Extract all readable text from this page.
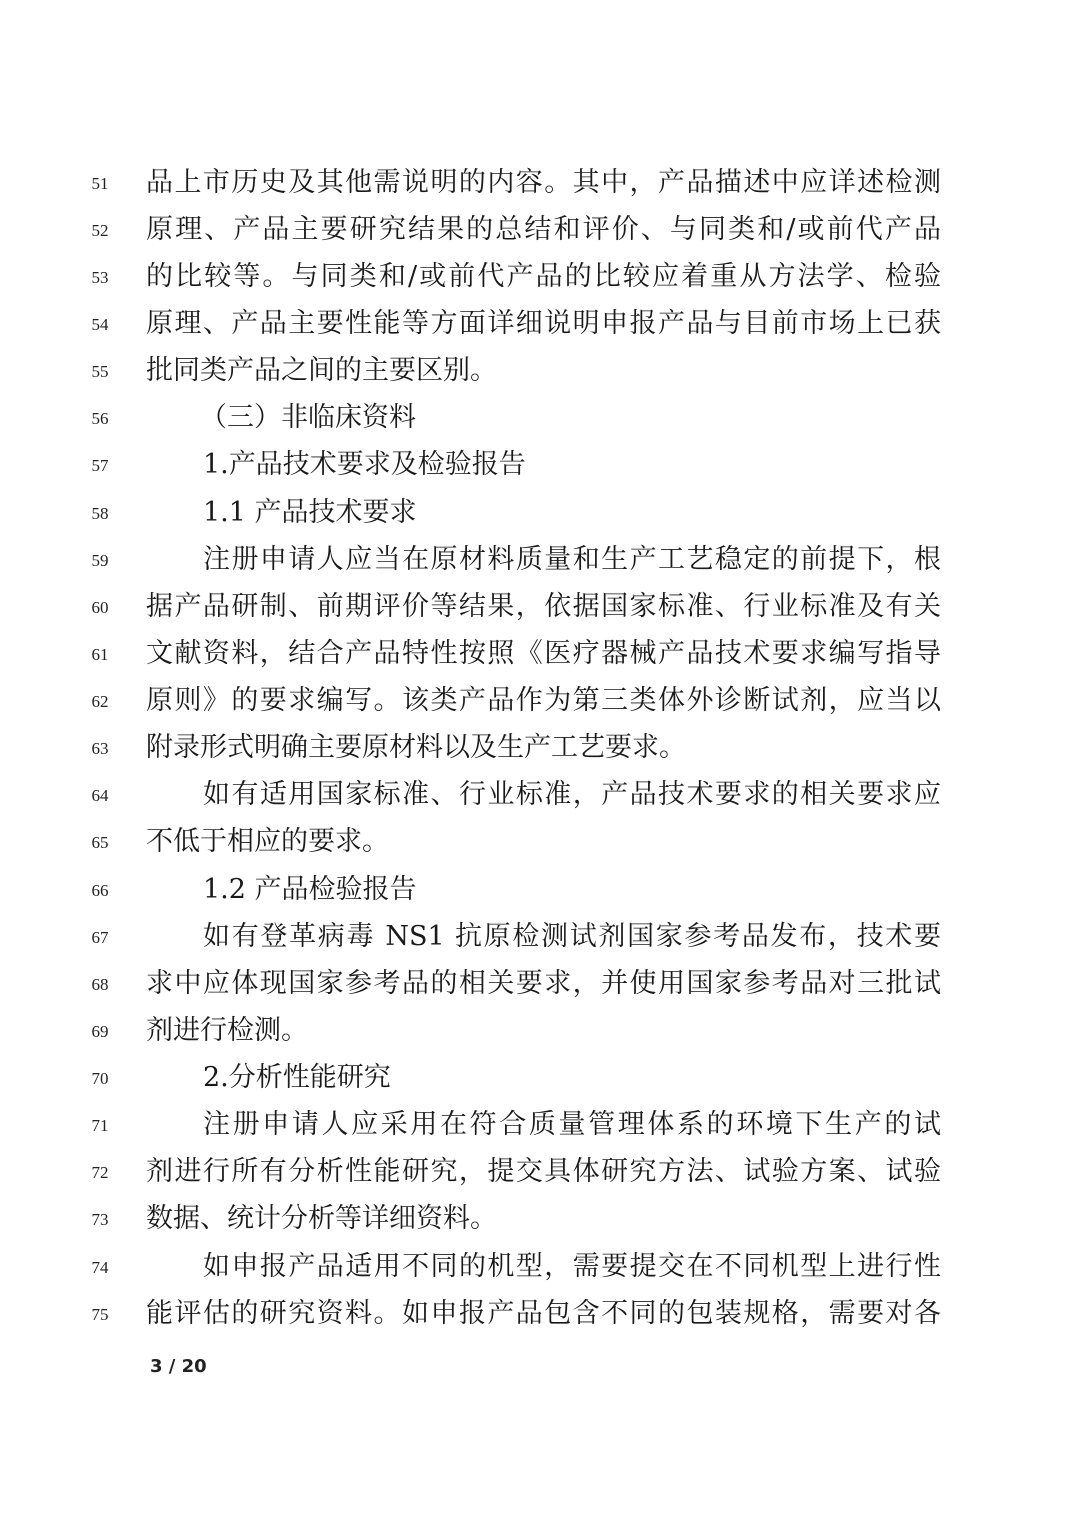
51	品上市历史及其他需说明的内容。其中，产品描述中应详述检测
52	原理、产品主要研究结果的总结和评价、与同类和/或前代产品
53	的比较等。与同类和/或前代产品的比较应着重从方法学、检验
54	原理、产品主要性能等方面详细说明申报产品与目前市场上已获
55	批同类产品之间的主要区别。
56	（三）非临床资料
57	1.产品技术要求及检验报告
58	1.1 产品技术要求
59	注册申请人应当在原材料质量和生产工艺稳定的前提下，根
60	据产品研制、前期评价等结果，依据国家标准、行业标准及有关
61	文献资料，结合产品特性按照《医疗器械产品技术要求编写指导
62	原则》的要求编写。该类产品作为第三类体外诊断试剂，应当以
63	附录形式明确主要原材料以及生产工艺要求。
64	如有适用国家标准、行业标准，产品技术要求的相关要求应
65	不低于相应的要求。
66	1.2 产品检验报告
67	如有登革病毒 NS1 抗原检测试剂国家参考品发布，技术要
68	求中应体现国家参考品的相关要求，并使用国家参考品对三批试
69	剂进行检测。
70	2.分析性能研究
71	注册申请人应采用在符合质量管理体系的环境下生产的试
72	剂进行所有分析性能研究，提交具体研究方法、试验方案、试验
73	数据、统计分析等详细资料。
74	如申报产品适用不同的机型，需要提交在不同机型上进行性
75	能评估的研究资料。如申报产品包含不同的包装规格，需要对各
3 / 20
